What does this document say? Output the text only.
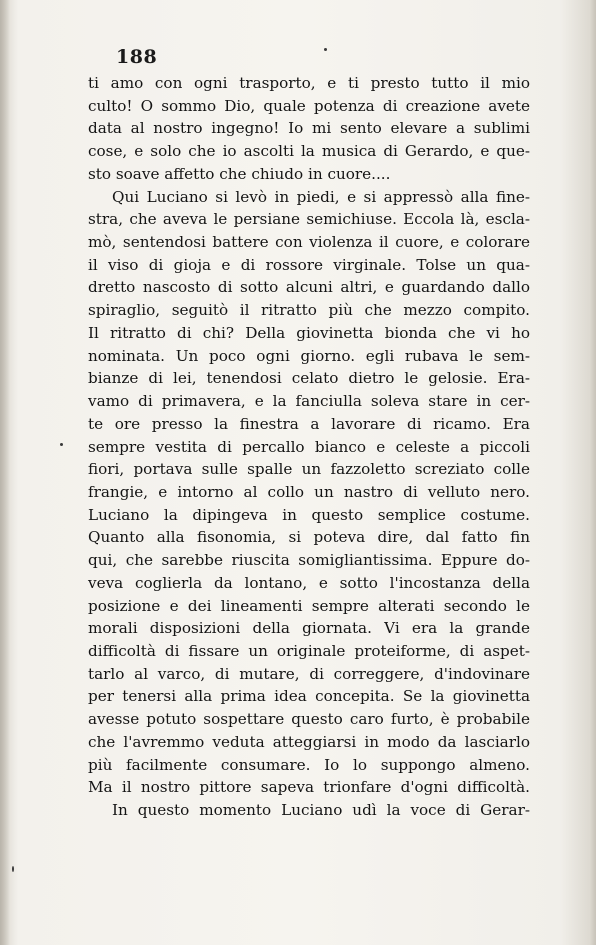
188
ti amo con ogni trasporto, e ti presto tutto il mio
culto! O sommo Dio, quale potenza di creazione avete
data al nostro ingegno! Io mi sento elevare a sublimi
cose, e solo che io ascolti la musica di Gerardo, e que-
sto soave affetto che chiudo in cuore....
Qui Luciano si levò in piedi, e si appressò alla fine-
stra, che aveva le persiane semichiuse. Eccola là, escla-
mò, sentendosi battere con violenza il cuore, e colorare
il viso di gioja e di rossore virginale. Tolse un qua-
dretto nascosto di sotto alcuni altri, e guardando dallo
spiraglio, seguitò il ritratto più che mezzo compito.
Il ritratto di chi? Della giovinetta bionda che vi ho
nominata. Un poco ogni giorno. egli rubava le sem-
bianze di lei, tenendosi celato dietro le gelosie. Era-
vamo di primavera, e la fanciulla soleva stare in cer-
te ore presso la finestra a lavorare di ricamo. Era
sempre vestita di percallo bianco e celeste a piccoli
fiori, portava sulle spalle un fazzoletto screziato colle
frangie, e intorno al collo un nastro di velluto nero.
Luciano la dipingeva in questo semplice costume.
Quanto alla fisonomia, si poteva dire, dal fatto fin
qui, che sarebbe riuscita somigliantissima. Eppure do-
veva coglierla da lontano, e sotto l'incostanza della
posizione e dei lineamenti sempre alterati secondo le
morali disposizioni della giornata. Vi era la grande
difficoltà di fissare un originale proteiforme, di aspet-
tarlo al varco, di mutare, di correggere, d'indovinare
per tenersi alla prima idea concepita. Se la giovinetta
avesse potuto sospettare questo caro furto, è probabile
che l'avremmo veduta atteggiarsi in modo da lasciarlo
più facilmente consumare. Io lo suppongo almeno.
Ma il nostro pittore sapeva trionfare d'ogni difficoltà.
In questo momento Luciano udì la voce di Gerar-
